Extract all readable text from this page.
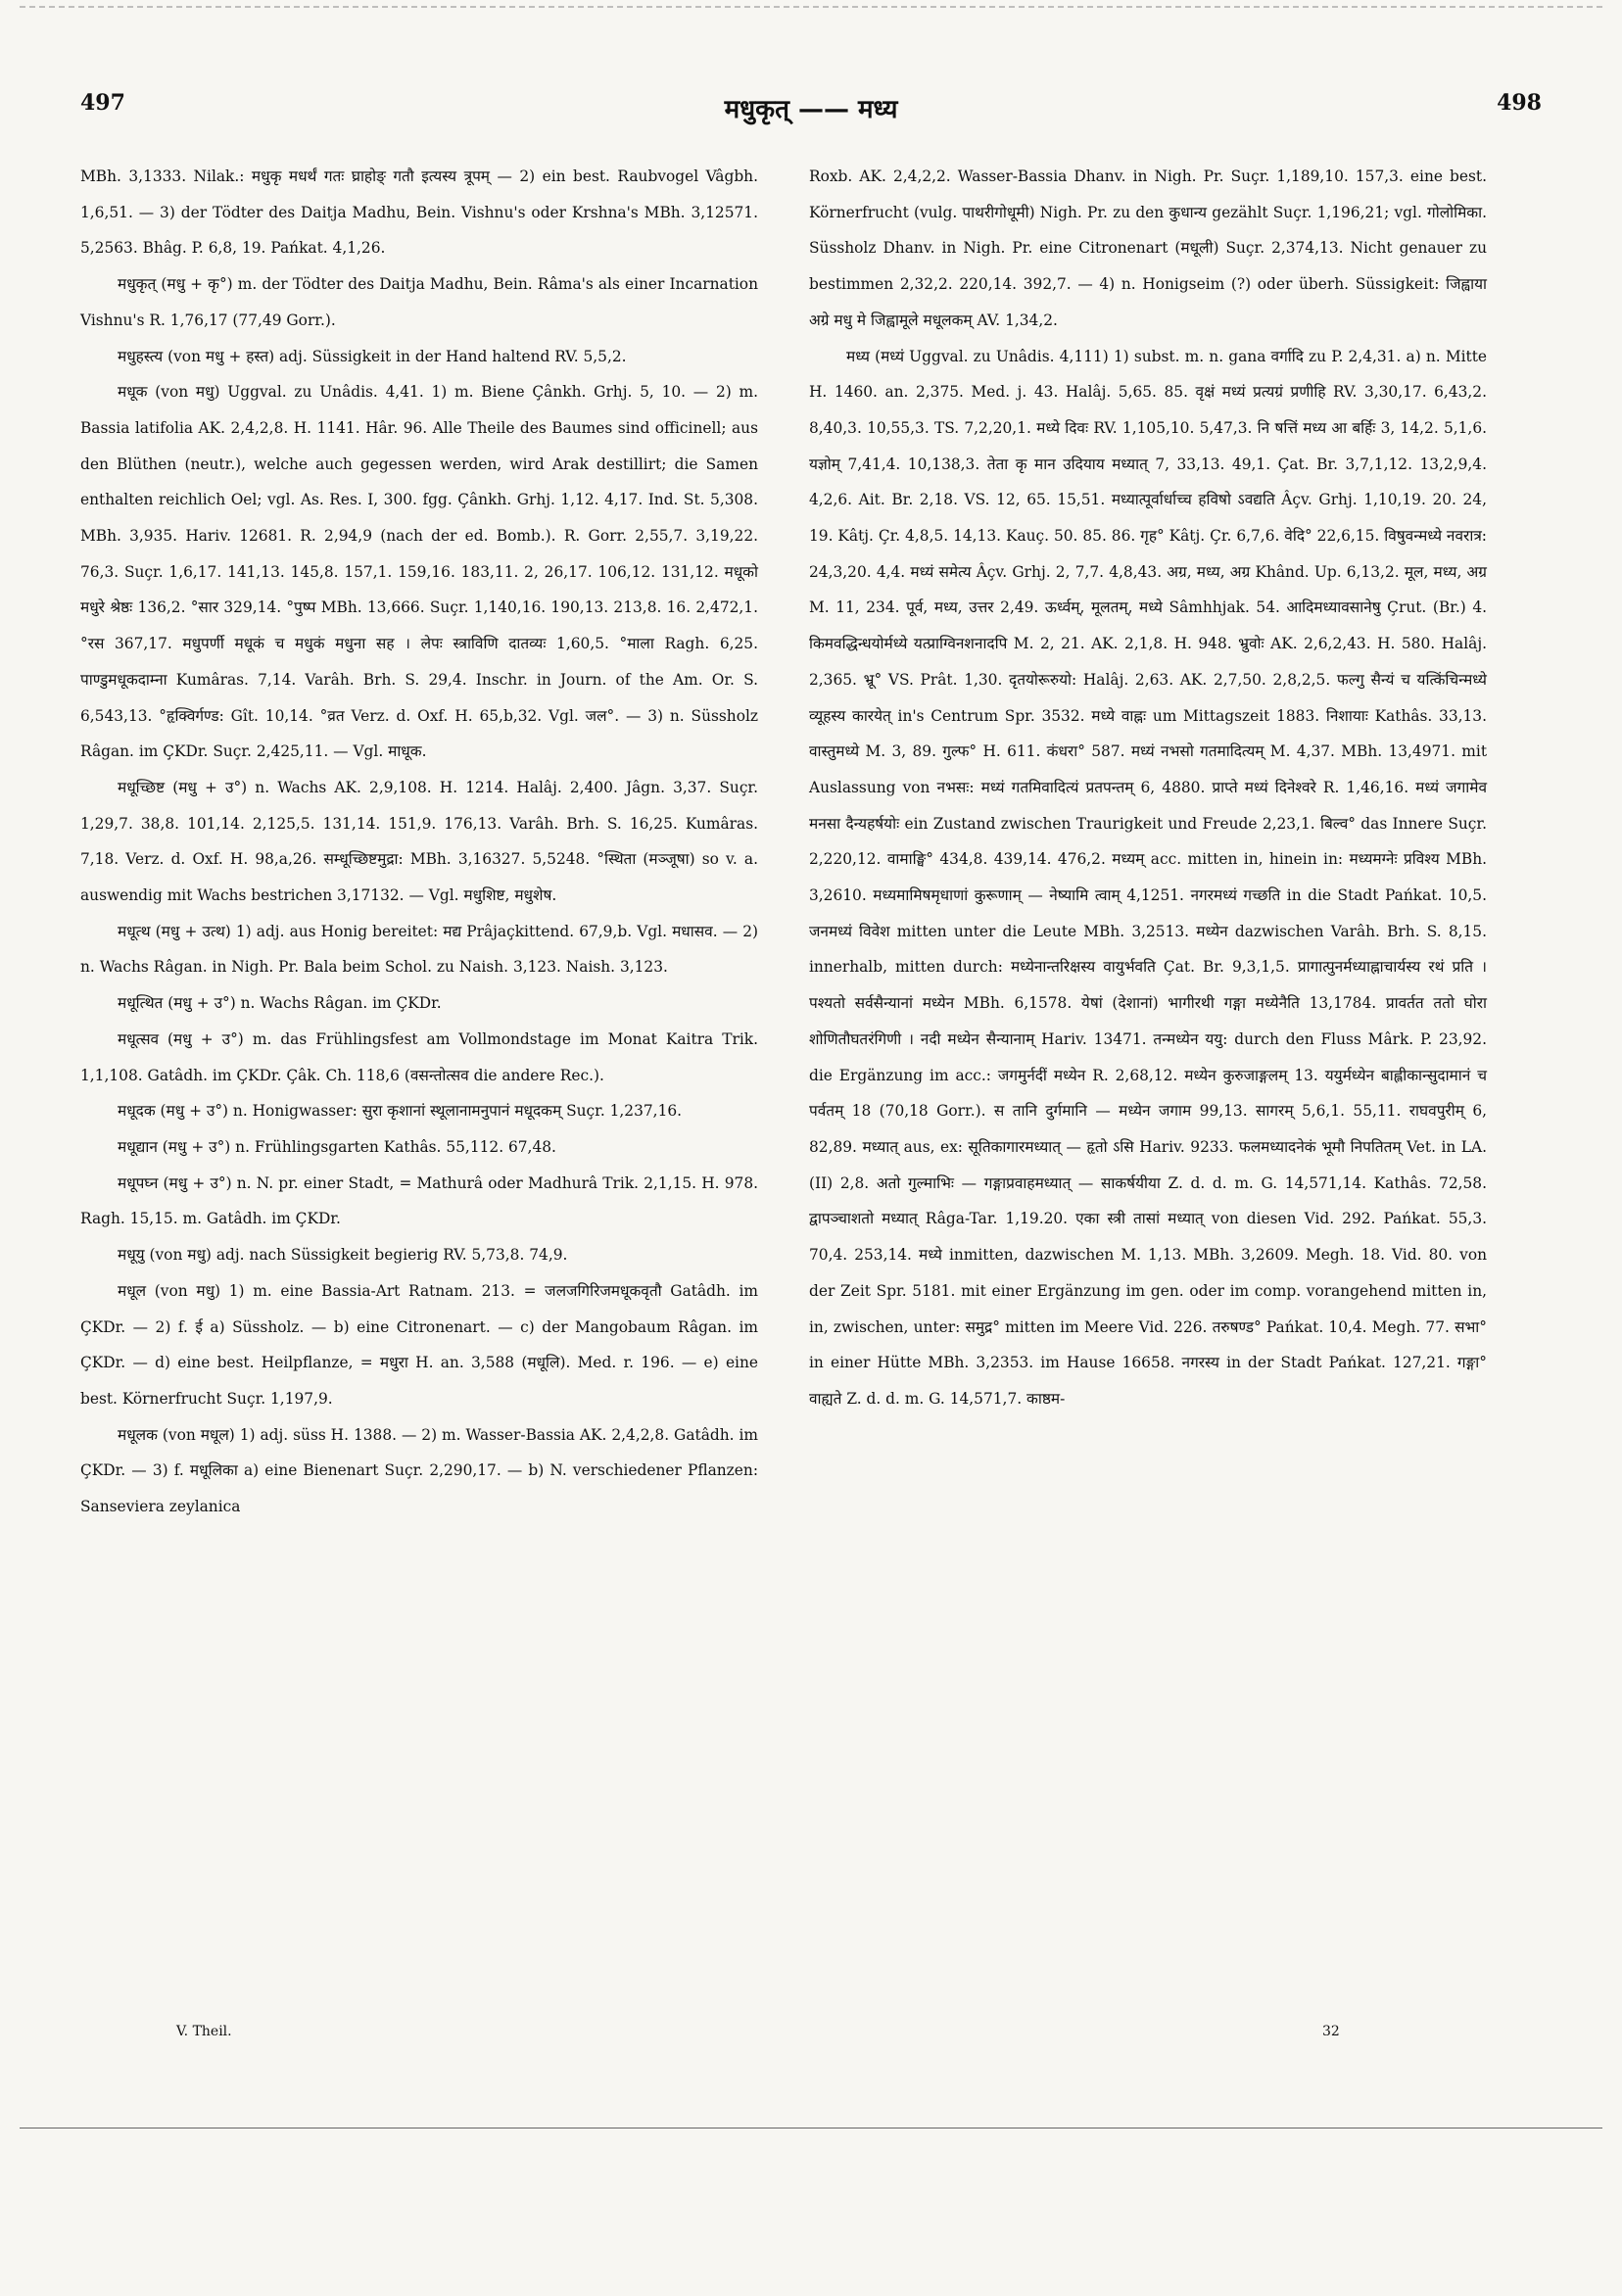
497	मधुकृत् —— मध्य	498

MBh. 3,1333. Nilak.: मधुकृ मधर्थं गतः घ्राहोङ् गतौ इत्यस्य त्रूपम् — 2) ein best. Raubvogel Vâgbh. 1,6,51. — 3) der Tödter des Daitja Madhu, Bein. Vishnu's oder Krshna's MBh. 3,12571. 5,2563. Bhâg. P. 6,8, 19. Pańkat. 4,1,26.

मधुकृत् (मधु + कृ°) m. der Tödter des Daitja Madhu, Bein. Râma's als einer Incarnation Vishnu's R. 1,76,17 (77,49 Gorr.).

मधुहस्त्य (von मधु + हस्त) adj. Süssigkeit in der Hand haltend RV. 5,5,2.

मधूक (von मधु) Uggval. zu Unâdis. 4,41. 1) m. Biene Çânkh. Grhj. 5, 10. — 2) m. Bassia latifolia AK. 2,4,2,8. H. 1141. Hâr. 96. Alle Theile des Baumes sind officinell; aus den Blüthen (neutr.), welche auch gegessen werden, wird Arak destillirt; die Samen enthalten reichlich Oel; vgl. As. Res. I, 300. fgg. Çânkh. Grhj. 1,12. 4,17. Ind. St. 5,308. MBh. 3,935. Hariv. 12681. R. 2,94,9 (nach der ed. Bomb.). R. Gorr. 2,55,7. 3,19,22. 76,3. Suçr. 1,6,17. 141,13. 145,8. 157,1. 159,16. 183,11. 2, 26,17. 106,12. 131,12. मधूको मधुरे श्रेष्ठः 136,2. °सार 329,14. °पुष्प MBh. 13,666. Suçr. 1,140,16. 190,13. 213,8. 16. 2,472,1. °रस 367,17. मधुपर्णी मधूकं च मधुकं मधुना सह । लेपः स्त्राविणि दातव्यः 1,60,5. °माला Ragh. 6,25. पाण्डुमधूकदाम्ना Kumâras. 7,14. Varâh. Brh. S. 29,4. Inschr. in Journ. of the Am. Or. S. 6,543,13. °हृक्विर्गण्ड: Gît. 10,14. °व्रत Verz. d. Oxf. H. 65,b,32. Vgl. जल°. — 3) n. Süssholz Râgan. im ÇKDr. Suçr. 2,425,11. — Vgl. माधूक.

मधूच्छिष्ट (मधु + उ°) n. Wachs AK. 2,9,108. H. 1214. Halâj. 2,400. Jâgn. 3,37. Suçr. 1,29,7. 38,8. 101,14. 2,125,5. 131,14. 151,9. 176,13. Varâh. Brh. S. 16,25. Kumâras. 7,18. Verz. d. Oxf. H. 98,a,26. सम्धूच्छिष्टमुद्रा: MBh. 3,16327. 5,5248. °स्थिता (मञ्जूषा) so v. a. auswendig mit Wachs bestrichen 3,17132. — Vgl. मधुशिष्ट, मधुशेष.

मधूत्थ (मधु + उत्थ) 1) adj. aus Honig bereitet: मद्य Prâjaçkittend. 67,9,b. Vgl. मधासव. — 2) n. Wachs Râgan. in Nigh. Pr. Bala beim Schol. zu Naish. 3,123. Naish. 3,123.

मधूत्थित (मधु + उ°) n. Wachs Râgan. im ÇKDr.

मधूत्सव (मधु + उ°) m. das Frühlingsfest am Vollmondstage im Monat Kaitra Trik. 1,1,108. Gatâdh. im ÇKDr. Çâk. Ch. 118,6 (वसन्तोत्सव die andere Rec.).

मधूदक (मधु + उ°) n. Honigwasser: सुरा कृशानां स्थूलानामनुपानं मधूदकम् Suçr. 1,237,16.

मधूद्यान (मधु + उ°) n. Frühlingsgarten Kathâs. 55,112. 67,48.

मधूपघ्न (मधु + उ°) n. N. pr. einer Stadt, = Mathurâ oder Madhurâ Trik. 2,1,15. H. 978. Ragh. 15,15. m. Gatâdh. im ÇKDr.

मधूयु (von मधु) adj. nach Süssigkeit begierig RV. 5,73,8. 74,9.

मधूल (von मधु) 1) m. eine Bassia-Art Ratnam. 213. = जलजगिरिजमधूकवृतौ Gatâdh. im ÇKDr. — 2) f. ई a) Süssholz. — b) eine Citronenart. — c) der Mangobaum Râgan. im ÇKDr. — d) eine best. Heilpflanze, = मधुरा H. an. 3,588 (मधूलि). Med. r. 196. — e) eine best. Körnerfrucht Suçr. 1,197,9.

मधूलक (von मधूल) 1) adj. süss H. 1388. — 2) m. Wasser-Bassia AK. 2,4,2,8. Gatâdh. im ÇKDr. — 3) f. मधूलिका a) eine Bienenart Suçr. 2,290,17. — b) N. verschiedener Pflanzen: Sanseviera zeylanica

Roxb. AK. 2,4,2,2. Wasser-Bassia Dhanv. in Nigh. Pr. Suçr. 1,189,10. 157,3. eine best. Körnerfrucht (vulg. पाथरीगोधूमी) Nigh. Pr. zu den कुधान्य gezählt Suçr. 1,196,21; vgl. गोलोमिका. Süssholz Dhanv. in Nigh. Pr. eine Citronenart (मधूली) Suçr. 2,374,13. Nicht genauer zu bestimmen 2,32,2. 220,14. 392,7. — 4) n. Honigseim (?) oder überh. Süssigkeit: जिह्वाया अग्रे मधु मे जिह्वामूले मधूलकम् AV. 1,34,2.

मध्य (मध्यं Uggval. zu Unâdis. 4,111) 1) subst. m. n. gana वर्गादि zu P. 2,4,31. a) n. Mitte H. 1460. an. 2,375. Med. j. 43. Halâj. 5,65. 85. वृक्षं मध्यं प्रत्यग्रं प्रणीहि RV. 3,30,17. 6,43,2. 8,40,3. 10,55,3. TS. 7,2,20,1. मध्ये दिवः RV. 1,105,10. 5,47,3. नि षत्तिं मध्य आ बर्हिः 3, 14,2. 5,1,6. यज्ञोम् 7,41,4. 10,138,3. तेता कृ मान उदियाय मध्यात् 7, 33,13. 49,1. Çat. Br. 3,7,1,12. 13,2,9,4. 4,2,6. Ait. Br. 2,18. VS. 12, 65. 15,51. मध्यात्पूर्वार्धाच्च हविषो ऽवद्यति Âçv. Grhj. 1,10,19. 20. 24, 19. Kâtj. Çr. 4,8,5. 14,13. Kauç. 50. 85. 86. गृह° Kâtj. Çr. 6,7,6. वेदि° 22,6,15. विषुवन्मध्ये नवरात्र: 24,3,20. 4,4. मध्यं समेत्य Âçv. Grhj. 2, 7,7. 4,8,43. अग्र, मध्य, अग्र Khând. Up. 6,13,2. मूल, मध्य, अग्र M. 11, 234. पूर्व, मध्य, उत्तर 2,49. ऊर्ध्वम्, मूलतम्, मध्ये Sâmhhjak. 54. आदिमध्यावसानेषु Çrut. (Br.) 4. किमवद्धिन्धयोर्मध्ये यत्प्राग्विनशनादपि M. 2, 21. AK. 2,1,8. H. 948. भ्रुवोः AK. 2,6,2,43. H. 580. Halâj. 2,365. भ्रू° VS. Prât. 1,30. दृतयोरूरुयो: Halâj. 2,63. AK. 2,7,50. 2,8,2,5. फल्गु सैन्यं च यत्किंचिन्मध्ये व्यूहस्य कारयेत् in's Centrum Spr. 3532. मध्ये वाह्नः um Mittagszeit 1883. निशायाः Kathâs. 33,13. वास्तुमध्ये M. 3, 89. गुल्फ° H. 611. कंधरा° 587. मध्यं नभसो गतमादित्यम् M. 4,37. MBh. 13,4971. mit Auslassung von नभसः: मध्यं गतमिवादित्यं प्रतपन्तम् 6, 4880. प्राप्ते मध्यं दिनेश्वरे R. 1,46,16. मध्यं जगामेव मनसा दैन्यहर्षयोः ein Zustand zwischen Traurigkeit und Freude 2,23,1. बिल्व° das Innere Suçr. 2,220,12. वामाङ्घि° 434,8. 439,14. 476,2. मध्यम् acc. mitten in, hinein in: मध्यमग्नेः प्रविश्य MBh. 3,2610. मध्यमामिषमृधाणां कुरूणाम् — नेष्यामि त्वाम् 4,1251. नगरमध्यं गच्छति in die Stadt Pańkat. 10,5. जनमध्यं विवेश mitten unter die Leute MBh. 3,2513. मध्येन dazwischen Varâh. Brh. S. 8,15. innerhalb, mitten durch: मध्येनान्तरिक्षस्य वायुर्भवति Çat. Br. 9,3,1,5. प्रागात्पुनर्मध्याह्नाचार्यस्य रथं प्रति । पश्यतो सर्वसैन्यानां मध्येन MBh. 6,1578. येषां (देशानां) भागीरथी गङ्गा मध्येनैति 13,1784. प्रावर्तत ततो घोरा शोणितौघतरंगिणी । नदी मध्येन सैन्यानाम् Hariv. 13471. तन्मध्येन ययु: durch den Fluss Mârk. P. 23,92. die Ergänzung im acc.: जगमुर्नदीं मध्येन R. 2,68,12. मध्येन कुरुजाङ्गलम् 13. ययुर्मध्येन बाह्लीकान्सुदामानं च पर्वतम् 18 (70,18 Gorr.). स तानि दुर्गमानि — मध्येन जगाम 99,13. सागरम् 5,6,1. 55,11. राघवपुरीम् 6, 82,89. मध्यात् aus, ex: सूतिकागारमध्यात् — हृतो ऽसि Hariv. 9233. फलमध्यादनेकं भूमौ निपतितम् Vet. in LA. (II) 2,8. अतो गुल्माभिः — गङ्गाप्रवाहमध्यात् — साकर्षयीया Z. d. d. m. G. 14,571,14. Kathâs. 72,58. द्वापञ्चाशतो मध्यात् Râga-Tar. 1,19.20. एका स्त्री तासां मध्यात् von diesen Vid. 292. Pańkat. 55,3. 70,4. 253,14. मध्ये inmitten, dazwischen M. 1,13. MBh. 3,2609. Megh. 18. Vid. 80. von der Zeit Spr. 5181. mit einer Ergänzung im gen. oder im comp. vorangehend mitten in, in, zwischen, unter: समुद्र° mitten im Meere Vid. 226. तरुषण्ड° Pańkat. 10,4. Megh. 77. सभा° in einer Hütte MBh. 3,2353. im Hause 16658. नगरस्य in der Stadt Pańkat. 127,21. गङ्गा° वाह्यते Z. d. d. m. G. 14,571,7. काष्ठम-

V. Theil.	32
